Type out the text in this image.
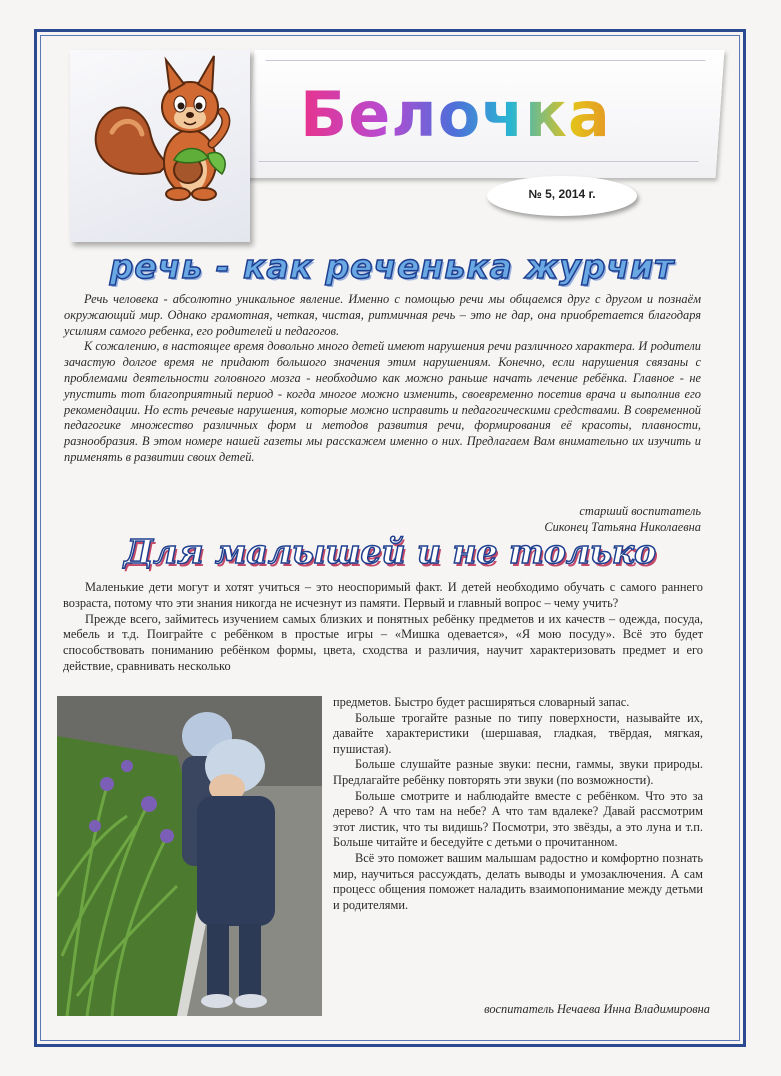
Белочка
№ 5, 2014 г.
речь - как реченька журчит

Речь человека - абсолютно уникальное явление. Именно с помощью речи мы общаемся друг с другом и познаём окружающий мир. Однако грамотная, четкая, чистая, ритмичная речь – это не дар, она приобретается благодаря усилиям самого ребенка, его родителей и педагогов.

К сожалению, в настоящее время довольно много детей имеют нарушения речи различного характера. И родители зачастую долгое время не придают большого значения этим нарушениям. Конечно, если нарушения связаны с проблемами деятельности головного мозга - необходимо как можно раньше начать лечение ребёнка. Главное - не упустить тот благоприятный период - когда многое можно изменить, своевременно посетив врача и выполнив его рекомендации. Но есть речевые нарушения, которые можно исправить и педагогическими средствами. В современной педагогике множество различных форм и методов развития речи, формирования её красоты, плавности, разнообразия. В этом номере нашей газеты мы расскажем именно о них. Предлагаем Вам внимательно их изучить и применять в развитии своих детей.

старший воспитатель
Сиконец Татьяна Николаевна
Для малышей и не только

Маленькие дети могут и хотят учиться – это неоспоримый факт. И детей необходимо обучать с самого раннего возраста, потому что эти знания никогда не исчезнут из памяти. Первый и главный вопрос – чему учить?

Прежде всего, займитесь изучением самых близких и понятных ребёнку предметов и их качеств – одежда, посуда, мебель и т.д. Поиграйте с ребёнком в простые игры – «Мишка одевается», «Я мою посуду». Всё это будет способствовать пониманию ребёнком формы, цвета, сходства и различия, научит характеризовать предмет и его действие, сравнивать несколько

предметов. Быстро будет расширяться словарный запас.

Больше трогайте разные по типу поверхности, называйте их, давайте характеристики (шершавая, гладкая, твёрдая, мягкая, пушистая).

Больше слушайте разные звуки: песни, гаммы, звуки природы. Предлагайте ребёнку повторять эти звуки (по возможности).

Больше смотрите и наблюдайте вместе с ребёнком. Что это за дерево? А что там на небе? А что там вдалеке? Давай рассмотрим этот листик, что ты видишь? Посмотри, это звёзды, а это луна и т.п. Больше читайте и беседуйте с детьми о прочитанном.

Всё это поможет вашим малышам радостно и комфортно познать мир, научиться рассуждать, делать выводы и умозаключения. А сам процесс общения поможет наладить взаимопонимание между детьми и родителями.

воспитатель Нечаева Инна Владимировна
